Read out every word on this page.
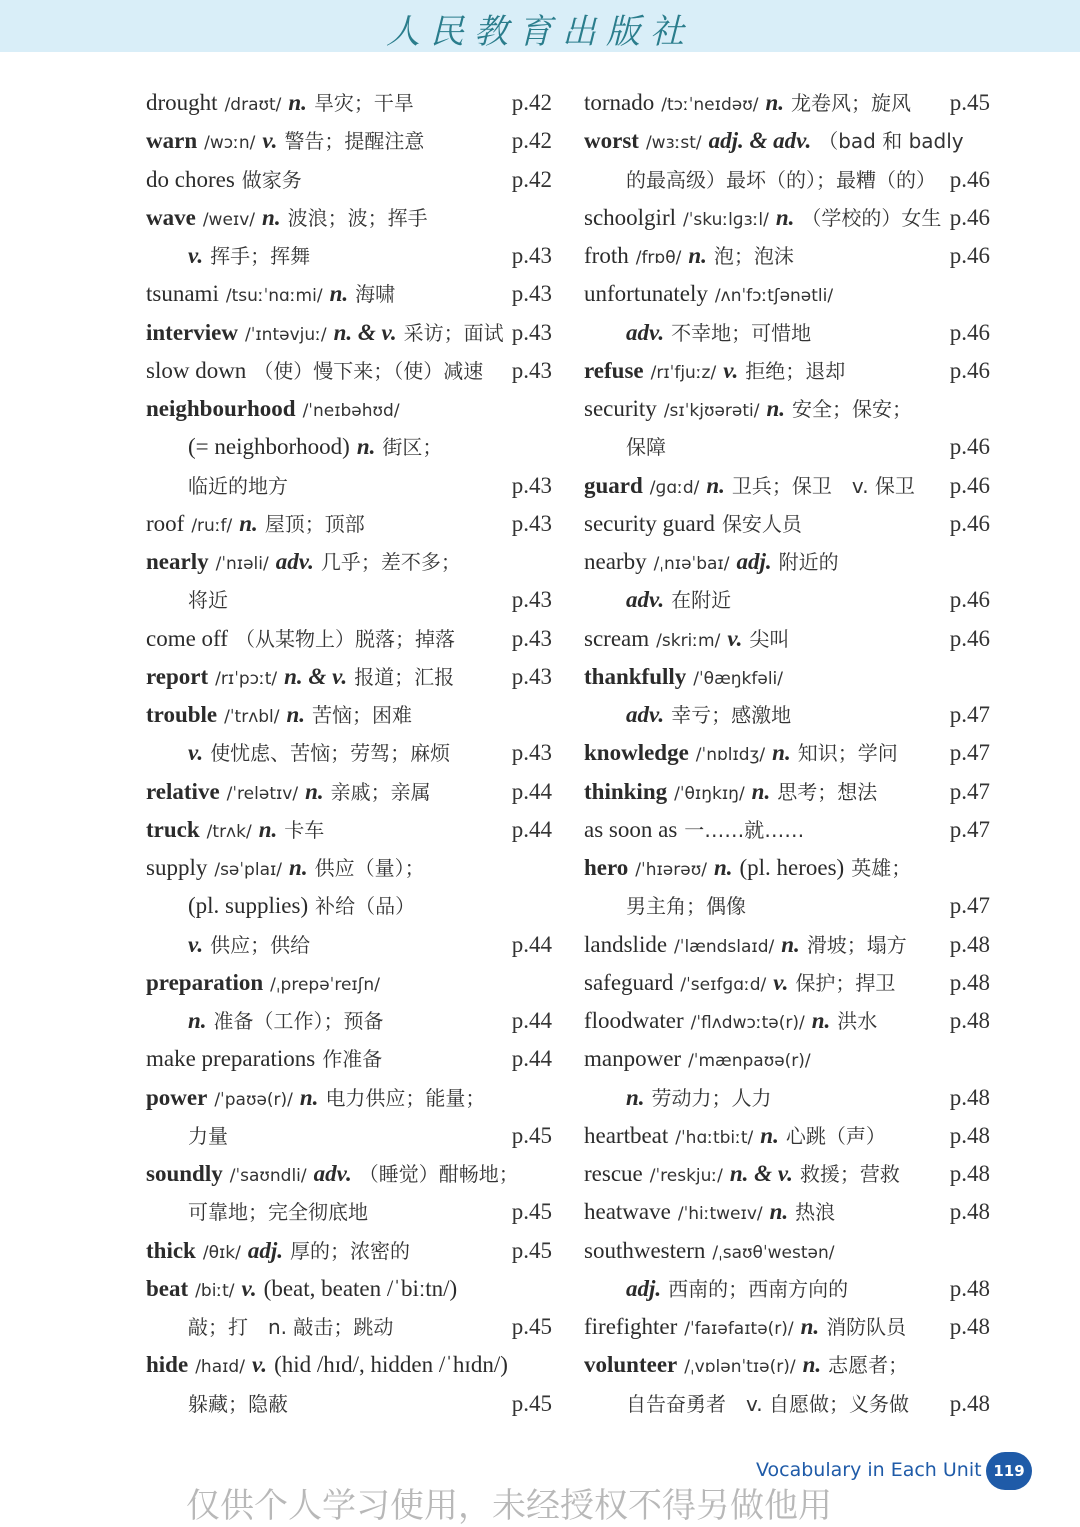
人民教育出版社
drought /draʊt/ n. 旱灾；干旱	p.42
warn /wɔːn/ v. 警告；提醒注意	p.42
do chores 做家务	p.42
wave /weɪv/ n. 波浪；波；挥手
v. 挥手；挥舞	p.43
tsunami /tsuːˈnɑːmi/ n. 海啸	p.43
interview /ˈɪntəvjuː/ n. & v. 采访；面试 p.43
slow down （使）慢下来；（使）减速 p.43
neighbourhood /ˈneɪbəhʊd/
(= neighborhood) n. 街区；
临近的地方	p.43
roof /ruːf/ n. 屋顶；顶部	p.43
nearly /ˈnɪəli/ adv. 几乎；差不多；
将近	p.43
come off （从某物上）脱落；掉落 p.43
report /rɪˈpɔːt/ n. & v. 报道；汇报	p.43
trouble /ˈtrʌbl/ n. 苦恼；困难
v. 使忧虑、苦恼；劳驾；麻烦	p.43
relative /ˈrelətɪv/ n. 亲戚；亲属	p.44
truck /trʌk/ n. 卡车	p.44
supply /səˈplaɪ/ n. 供应（量）；
(pl. supplies) 补给（品）
v. 供应；供给	p.44
preparation /ˌprepəˈreɪʃn/
n. 准备（工作）；预备	p.44
make preparations 作准备	p.44
power /ˈpaʊə(r)/ n. 电力供应；能量；
力量	p.45
soundly /ˈsaʊndli/ adv. （睡觉）酣畅地；
可靠地；完全彻底地	p.45
thick /θɪk/ adj. 厚的；浓密的	p.45
beat /biːt/ v. (beat, beaten /ˈbiːtn/)
敲；打　n. 敲击；跳动	p.45
hide /haɪd/ v. (hid /hɪd/, hidden /ˈhɪdn/)
躲藏；隐蔽	p.45
tornado /tɔːˈneɪdəʊ/ n. 龙卷风；旋风 p.45
worst /wɜːst/ adj. & adv. （bad 和 badly
的最高级）最坏（的）；最糟（的） p.46
schoolgirl /ˈskuːlɡɜːl/ n. （学校的）女生 p.46
froth /frɒθ/ n. 泡；泡沫	p.46
unfortunately /ʌnˈfɔːtʃənətli/
adv. 不幸地；可惜地	p.46
refuse /rɪˈfjuːz/ v. 拒绝；退却	p.46
security /sɪˈkjʊərəti/ n. 安全；保安；
保障	p.46
guard /ɡɑːd/ n. 卫兵；保卫　v. 保卫 p.46
security guard 保安人员	p.46
nearby /ˌnɪəˈbaɪ/ adj. 附近的
adv. 在附近	p.46
scream /skriːm/ v. 尖叫	p.46
thankfully /ˈθæŋkfəli/
adv. 幸亏；感激地	p.47
knowledge /ˈnɒlɪdʒ/ n. 知识；学问 p.47
thinking /ˈθɪŋkɪŋ/ n. 思考；想法	p.47
as soon as 一……就……	p.47
hero /ˈhɪərəʊ/ n. (pl. heroes) 英雄；
男主角；偶像	p.47
landslide /ˈlændslaɪd/ n. 滑坡；塌方 p.48
safeguard /ˈseɪfɡɑːd/ v. 保护；捍卫 p.48
floodwater /ˈflʌdwɔːtə(r)/ n. 洪水	p.48
manpower /ˈmænpaʊə(r)/
n. 劳动力；人力	p.48
heartbeat /ˈhɑːtbiːt/ n. 心跳（声）	p.48
rescue /ˈreskjuː/ n. & v. 救援；营救 p.48
heatwave /ˈhiːtweɪv/ n. 热浪	p.48
southwestern /ˌsaʊθˈwestən/
adj. 西南的；西南方向的	p.48
firefighter /ˈfaɪəfaɪtə(r)/ n. 消防队员 p.48
volunteer /ˌvɒlənˈtɪə(r)/ n. 志愿者；
自告奋勇者　v. 自愿做；义务做 p.48
Vocabulary in Each Unit 119
仅供个人学习使用，未经授权不得另做他用
